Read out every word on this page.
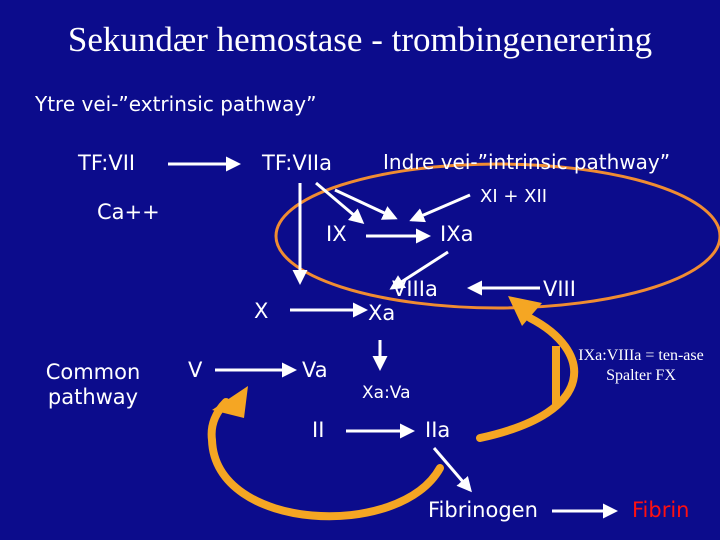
Sekundær hemostase - trombingenerering
Ytre vei-”extrinsic pathway”
Indre vei-”intrinsic pathway”
TF:VII	TF:VIIa
Ca++
XI + XII
IX	IXa
VIIIa	VIII
X	Xa
Common pathway
V	Va
Xa:Va
II	IIa
Fibrinogen	Fibrin
IXa:VIIIa = ten-ase Spalter FX
